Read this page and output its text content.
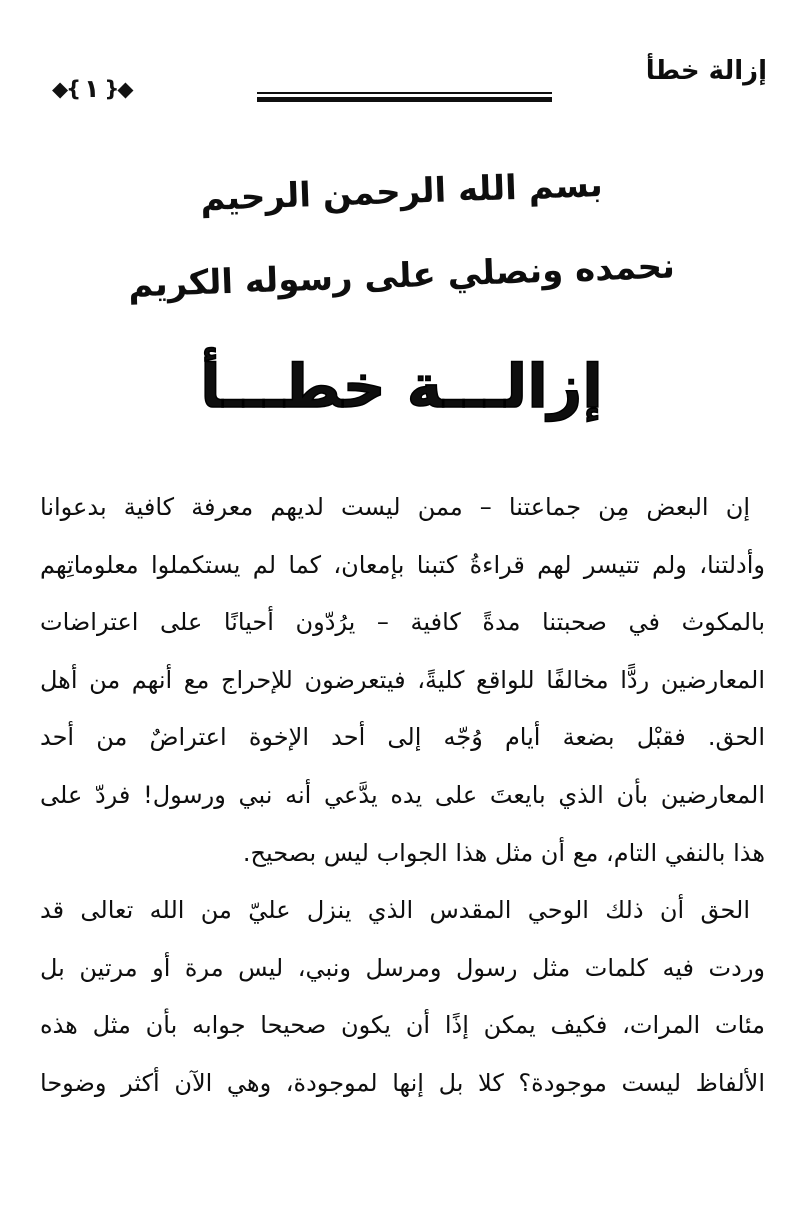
إزالة خطأ
◆{ ١ }◆
بسم الله الرحمن الرحيم
نحمده ونصلي على رسوله الكريم
إزالـــة خطـــأ
إن البعض مِن جماعتنا – ممن ليست لديهم معرفة كافية بدعوانا
وأدلتنا، ولم تتيسر لهم قراءةُ كتبنا بإمعان، كما لم يستكملوا معلوماتِهم
بالمكوث في صحبتنا مدةً كافية – يرُدّون أحيانًا على اعتراضات
المعارضين ردًّا مخالفًا للواقع كليةً، فيتعرضون للإحراج مع أنهم من أهل
الحق. فقبْل بضعة أيام وُجّه إلى أحد الإخوة اعتراضٌ من أحد
المعارضين بأن الذي بايعتَ على يده يدَّعي أنه نبي ورسول! فردّ على
هذا بالنفي التام، مع أن مثل هذا الجواب ليس بصحيح.
الحق أن ذلك الوحي المقدس الذي ينزل عليّ من الله تعالى قد
وردت فيه كلمات مثل رسول ومرسل ونبي، ليس مرة أو مرتين بل
مئات المرات، فكيف يمكن إذًا أن يكون صحيحا جوابه بأن مثل هذه
الألفاظ ليست موجودة؟ كلا بل إنها لموجودة، وهي الآن أكثر وضوحا
